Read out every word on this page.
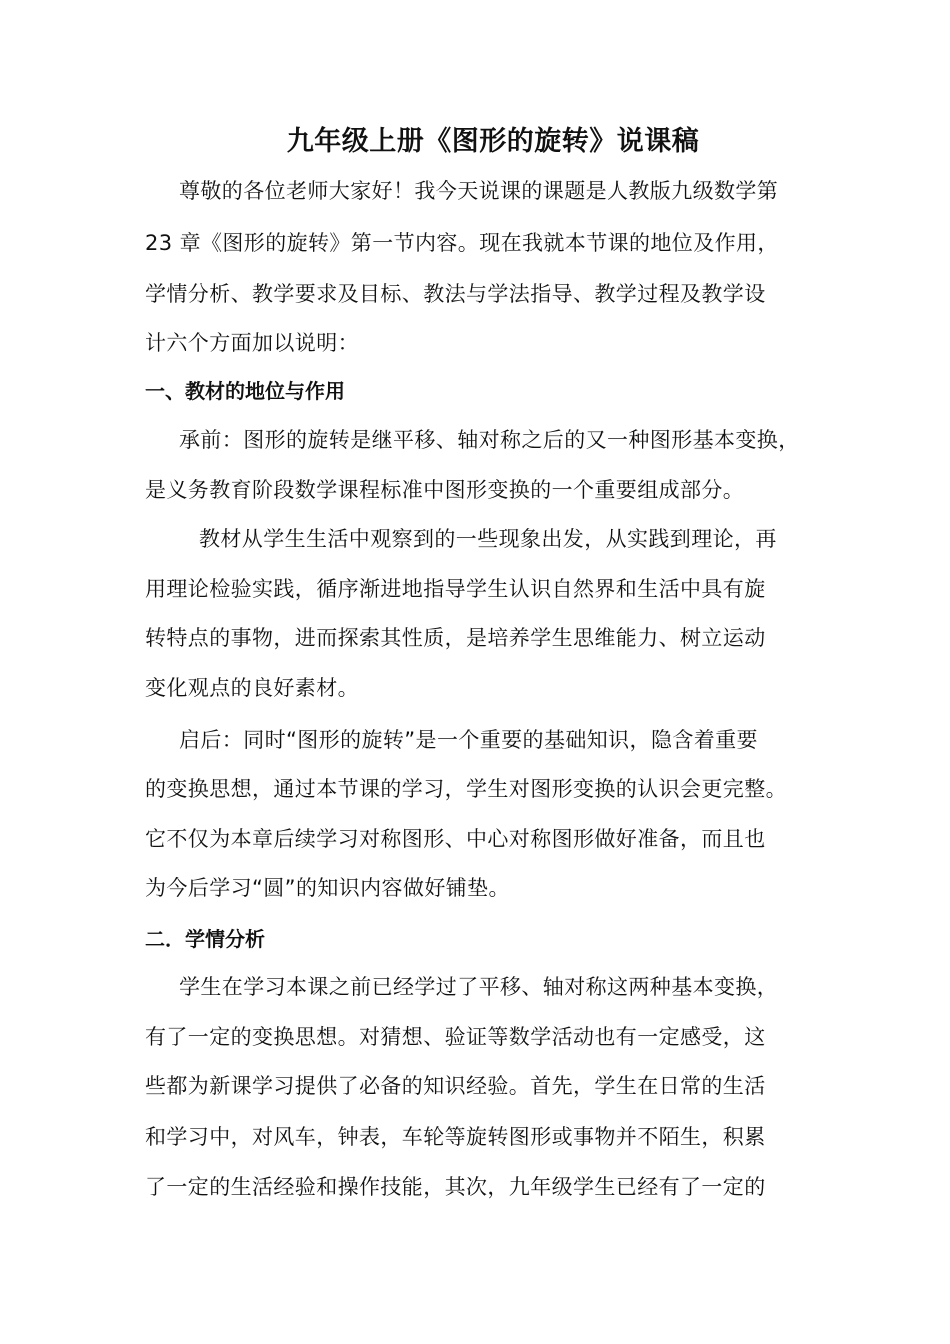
九年级上册《图形的旋转》说课稿
尊敬的各位老师大家好！我今天说课的课题是人教版九级数学第
23 章《图形的旋转》第一节内容。现在我就本节课的地位及作用，
学情分析、教学要求及目标、教法与学法指导、教学过程及教学设
计六个方面加以说明：
一、教材的地位与作用
承前：图形的旋转是继平移、轴对称之后的又一种图形基本变换，
是义务教育阶段数学课程标准中图形变换的一个重要组成部分。
教材从学生生活中观察到的一些现象出发，从实践到理论，再
用理论检验实践，循序渐进地指导学生认识自然界和生活中具有旋
转特点的事物，进而探索其性质，是培养学生思维能力、树立运动
变化观点的良好素材。
启后：同时“图形的旋转”是一个重要的基础知识，隐含着重要
的变换思想，通过本节课的学习，学生对图形变换的认识会更完整。
它不仅为本章后续学习对称图形、中心对称图形做好准备，而且也
为今后学习“圆”的知识内容做好铺垫。
二．学情分析
学生在学习本课之前已经学过了平移、轴对称这两种基本变换，
有了一定的变换思想。对猜想、验证等数学活动也有一定感受，这
些都为新课学习提供了必备的知识经验。首先，学生在日常的生活
和学习中，对风车，钟表，车轮等旋转图形或事物并不陌生，积累
了一定的生活经验和操作技能，其次，九年级学生已经有了一定的
